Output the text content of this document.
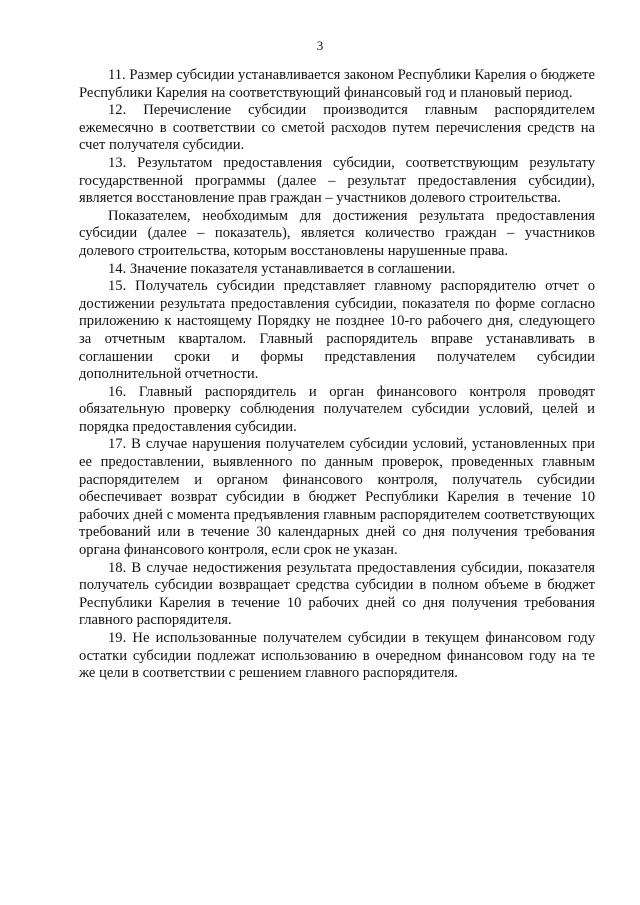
3

11. Размер субсидии устанавливается законом Республики Карелия о бюджете Республики Карелия на соответствующий финансовый год и плановый период.

12. Перечисление субсидии производится главным распорядителем ежемесячно в соответствии со сметой расходов путем перечисления средств на счет получателя субсидии.

13. Результатом предоставления субсидии, соответствующим результату государственной программы (далее – результат предоставления субсидии), является восстановление прав граждан – участников долевого строительства.

Показателем, необходимым для достижения результата предоставления субсидии (далее – показатель), является количество граждан – участников долевого строительства, которым восстановлены нарушенные права.

14. Значение показателя устанавливается в соглашении.

15. Получатель субсидии представляет главному распорядителю отчет о достижении результата предоставления субсидии, показателя по форме согласно приложению к настоящему Порядку не позднее 10-го рабочего дня, следующего за отчетным кварталом. Главный распорядитель вправе устанавливать в соглашении сроки и формы представления получателем субсидии дополнительной отчетности.

16. Главный распорядитель и орган финансового контроля проводят обязательную проверку соблюдения получателем субсидии условий, целей и порядка предоставления субсидии.

17. В случае нарушения получателем субсидии условий, установленных при ее предоставлении, выявленного по данным проверок, проведенных главным распорядителем и органом финансового контроля, получатель субсидии обеспечивает возврат субсидии в бюджет Республики Карелия в течение 10 рабочих дней с момента предъявления главным распорядителем соответствующих требований или в течение 30 календарных дней со дня получения требования органа финансового контроля, если срок не указан.

18. В случае недостижения результата предоставления субсидии, показателя получатель субсидии возвращает средства субсидии в полном объеме в бюджет Республики Карелия в течение 10 рабочих дней со дня получения требования главного распорядителя.

19. Не использованные получателем субсидии в текущем финансовом году остатки субсидии подлежат использованию в очередном финансовом году на те же цели в соответствии с решением главного распорядителя.
